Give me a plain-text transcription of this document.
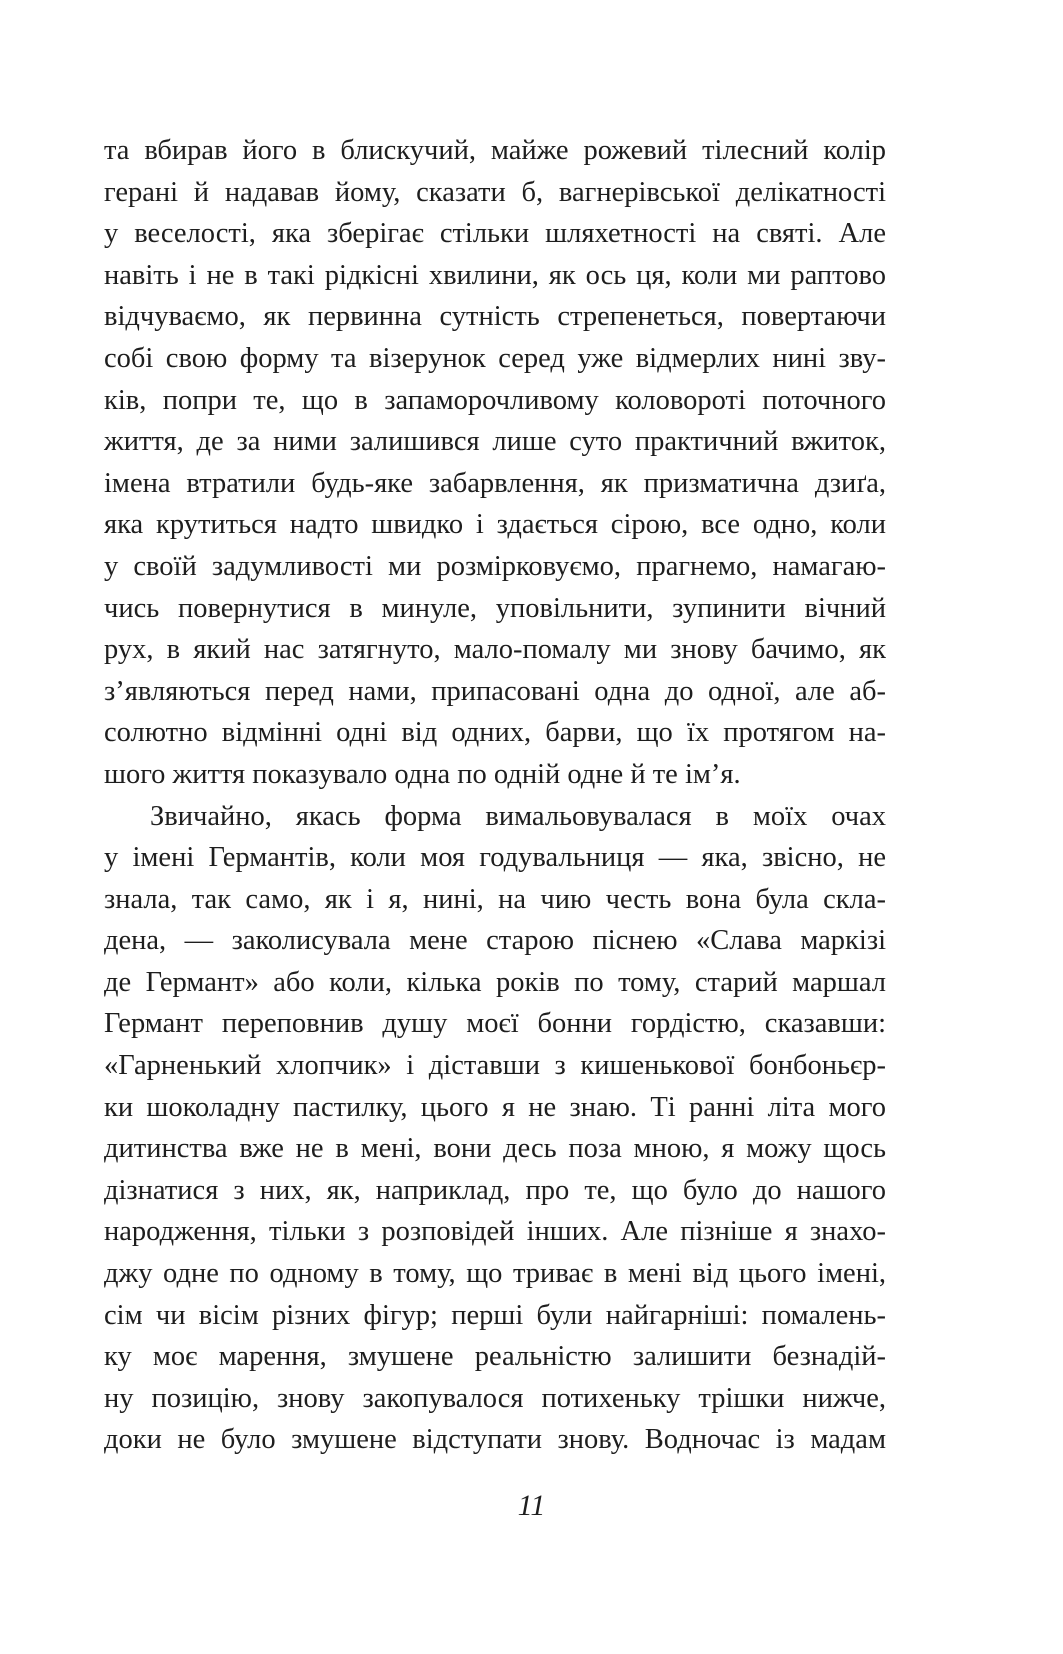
та вбирав його в блискучий, майже рожевий тілесний колір
герані й надавав йому, сказати б, вагнерівської делікатності
у веселості, яка зберігає стільки шляхетності на святі. Але
навіть і не в такі рідкісні хвилини, як ось ця, коли ми раптово
відчуваємо, як первинна сутність стрепенеться, повертаючи
собі свою форму та візерунок серед уже відмерлих нині зву-
ків, попри те, що в запаморочливому коловороті поточного
життя, де за ними залишився лише суто практичний вжиток,
імена втратили будь-яке забарвлення, як призматична дзиґа,
яка крутиться надто швидко і здається сірою, все одно, коли
у своїй задумливості ми розмірковуємо, прагнемо, намагаю-
чись повернутися в минуле, уповільнити, зупинити вічний
рух, в який нас затягнуто, мало-помалу ми знову бачимо, як
з’являються перед нами, припасовані одна до одної, але аб-
солютно відмінні одні від одних, барви, що їх протягом на-
шого життя показувало одна по одній одне й те ім’я.
Звичайно, якась форма вимальовувалася в моїх очах
у імені Германтів, коли моя годувальниця — яка, звісно, не
знала, так само, як і я, нині, на чию честь вона була скла-
дена, — заколисувала мене старою піснею «Слава маркізі
де Германт» або коли, кілька років по тому, старий маршал
Германт переповнив душу моєї бонни гордістю, сказавши:
«Гарненький хлопчик» і діставши з кишенькової бонбоньєр-
ки шоколадну пастилку, цього я не знаю. Ті ранні літа мого
дитинства вже не в мені, вони десь поза мною, я можу щось
дізнатися з них, як, наприклад, про те, що було до нашого
народження, тільки з розповідей інших. Але пізніше я знахо-
джу одне по одному в тому, що триває в мені від цього імені,
сім чи вісім різних фігур; перші були найгарніші: помалень-
ку моє марення, змушене реальністю залишити безнадій-
ну позицію, знову закопувалося потихеньку трішки нижче,
доки не було змушене відступати знову. Водночас із мадам
11
